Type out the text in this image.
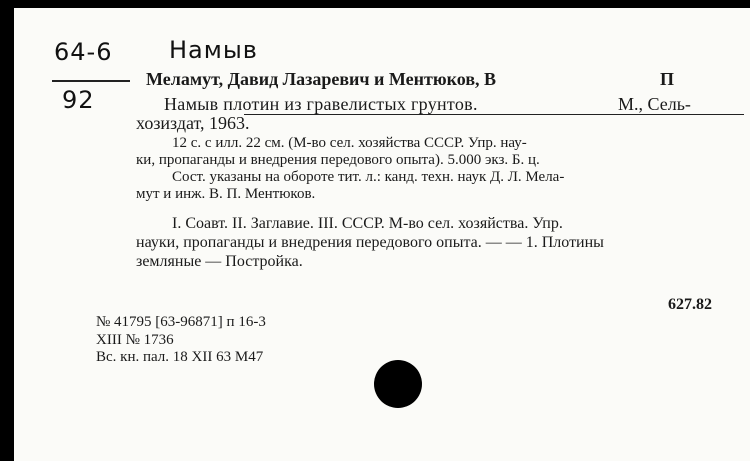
64-6
92
Намыв
Меламут, Давид Лазаревич и Ментюков, В	П
Намыв плотин из гравелистых грунтов.	М., Сель-
хозиздат, 1963.
12 с. с илл. 22 см. (М-во сел. хозяйства СССР. Упр. нау-
ки, пропаганды и внедрения передового опыта). 5.000 экз. Б. ц.
Сост. указаны на обороте тит. л.: канд. техн. наук Д. Л. Мела-
мут и инж. В. П. Ментюков.
I. Соавт. II. Заглавие. III. СССР. М-во сел. хозяйства. Упр.
науки, пропаганды и внедрения передового опыта. — — 1. Плотины
земляные — Постройка.
627.82
№ 41795 [63-96871] п 16-3
XIII № 1736
Вс. кн. пал. 18 XII 63 М47
